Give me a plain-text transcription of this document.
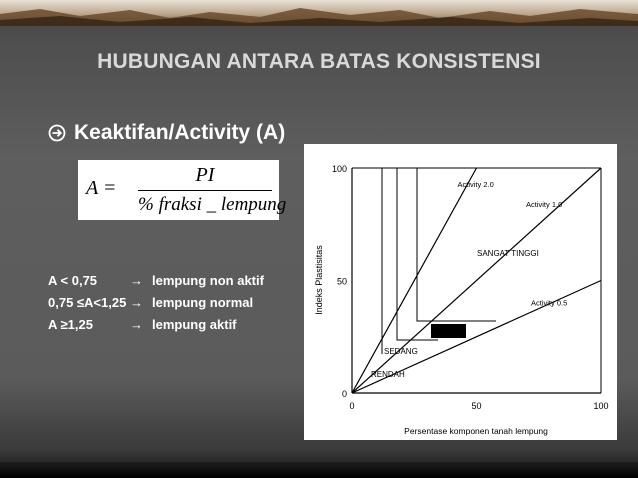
HUBUNGAN ANTARA BATAS KONSISTENSI
Keaktifan/Activity (A)
A =
PI
% fraksi _ lempung
A < 0,75	→ lempung non aktif
0,75 ≤A<1,25 → lempung normal
A ≥1,25	→ lempung aktif
Activity 2.0
Activity 1.0
Activity 0.5
0	50	100
0
50
100
SANGAT TINGGI
SEDANG
RENDAH
Persentase komponen tanah lempung
Indeks Plastisitas
